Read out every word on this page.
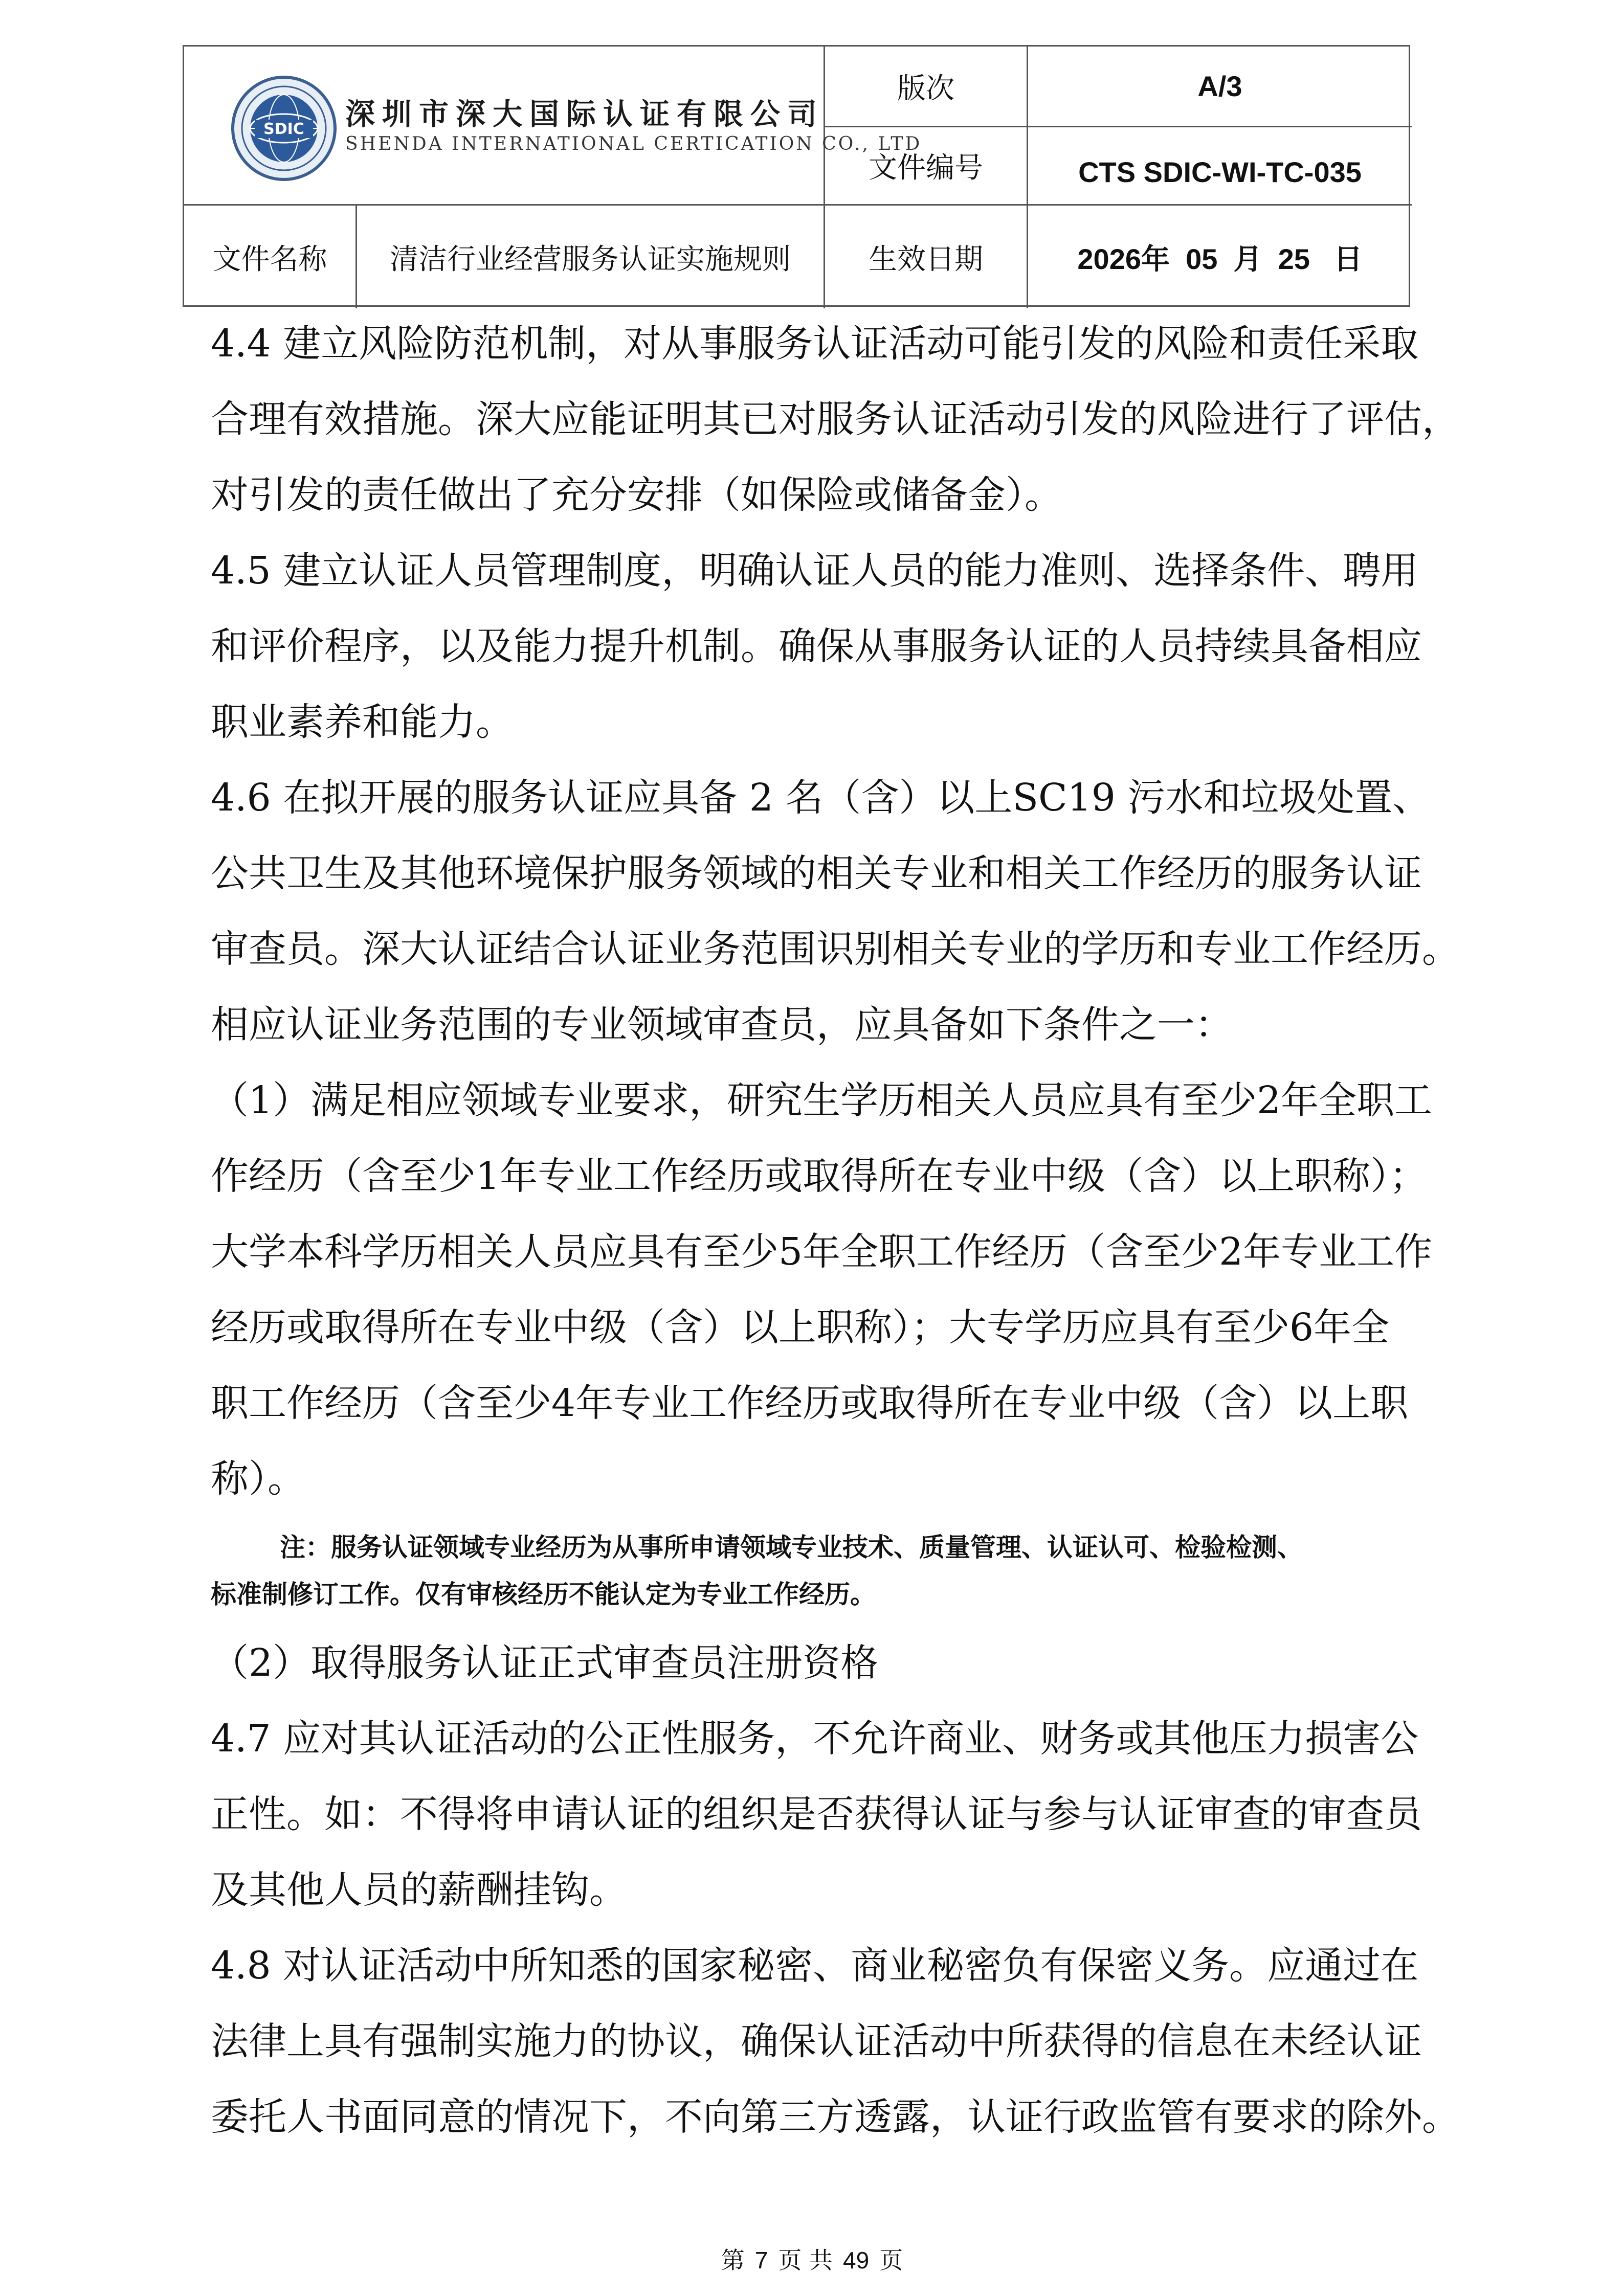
SDIC 深圳市深大国际认证有限公司
SHENDA INTERNATIONAL CERTICATION CO., LTD
版次	A/3
文件编号	CTS SDIC-WI-TC-035
文件名称	清洁行业经营服务认证实施规则	生效日期	2026年  05  月  25   日

4.4 建立风险防范机制，对从事服务认证活动可能引发的风险和责任采取

合理有效措施。深大应能证明其已对服务认证活动引发的风险进行了评估，

对引发的责任做出了充分安排（如保险或储备金）。

4.5 建立认证人员管理制度，明确认证人员的能力准则、选择条件、聘用

和评价程序，以及能力提升机制。确保从事服务认证的人员持续具备相应

职业素养和能力。

4.6 在拟开展的服务认证应具备 2 名（含）以上SC19 污水和垃圾处置、

公共卫生及其他环境保护服务领域的相关专业和相关工作经历的服务认证

审查员。深大认证结合认证业务范围识别相关专业的学历和专业工作经历。

相应认证业务范围的专业领域审查员，应具备如下条件之一：

（1）满足相应领域专业要求，研究生学历相关人员应具有至少2年全职工

作经历（含至少1年专业工作经历或取得所在专业中级（含）以上职称）；

大学本科学历相关人员应具有至少5年全职工作经历（含至少2年专业工作

经历或取得所在专业中级（含）以上职称）；大专学历应具有至少6年全

职工作经历（含至少4年专业工作经历或取得所在专业中级（含）以上职

称）。

注：服务认证领域专业经历为从事所申请领域专业技术、质量管理、认证认可、检验检测、

标准制修订工作。仅有审核经历不能认定为专业工作经历。

（2）取得服务认证正式审查员注册资格

4.7 应对其认证活动的公正性服务，不允许商业、财务或其他压力损害公

正性。如：不得将申请认证的组织是否获得认证与参与认证审查的审查员

及其他人员的薪酬挂钩。

4.8 对认证活动中所知悉的国家秘密、商业秘密负有保密义务。应通过在

法律上具有强制实施力的协议，确保认证活动中所获得的信息在未经认证

委托人书面同意的情况下，不向第三方透露，认证行政监管有要求的除外。

第 7 页 共 49 页
